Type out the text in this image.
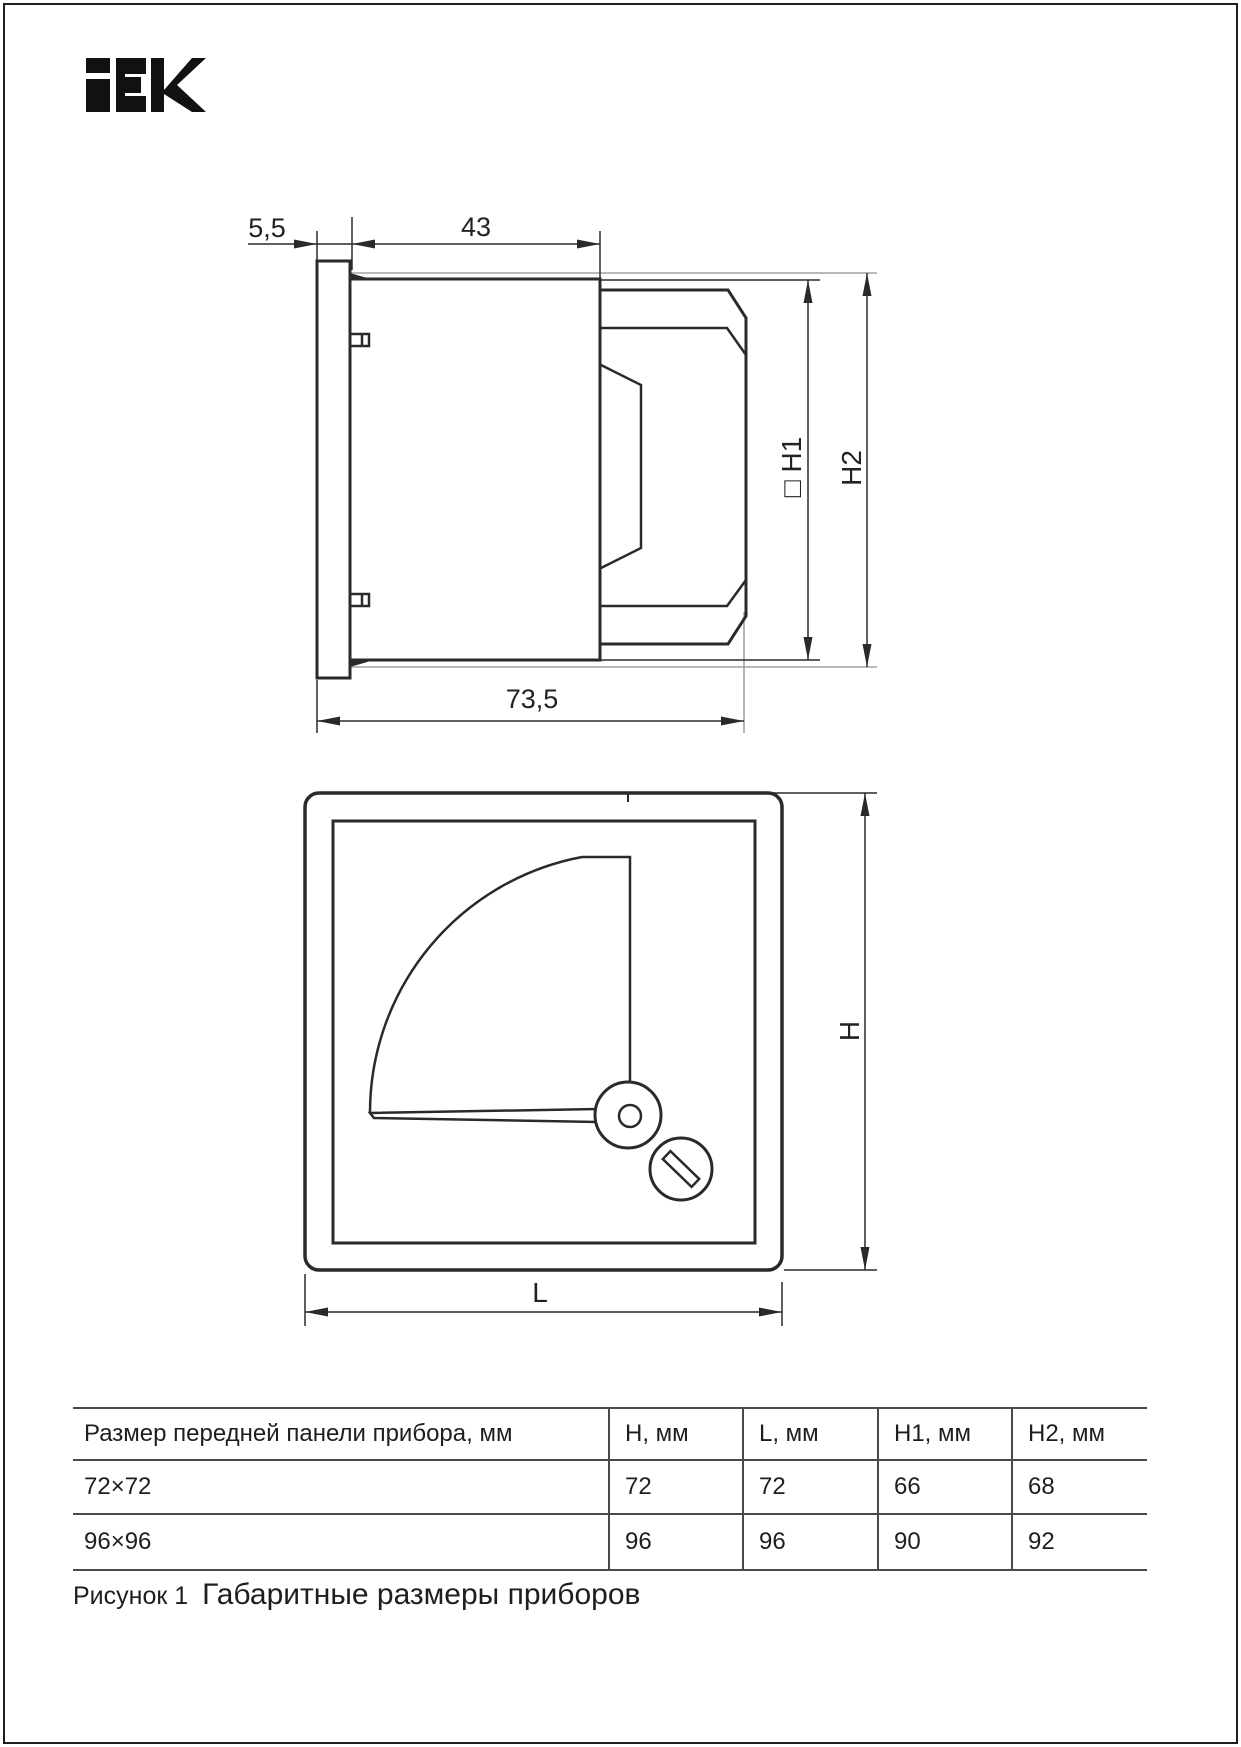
5,5	43
73,5
□ H1 H2
H
L
Размер передней панели прибора, мм	H, мм	L, мм	H1, мм	H2, мм
72×72	72	72	66	68
96×96	96	96	90	92
Рисунок 1 Габаритные размеры приборов
